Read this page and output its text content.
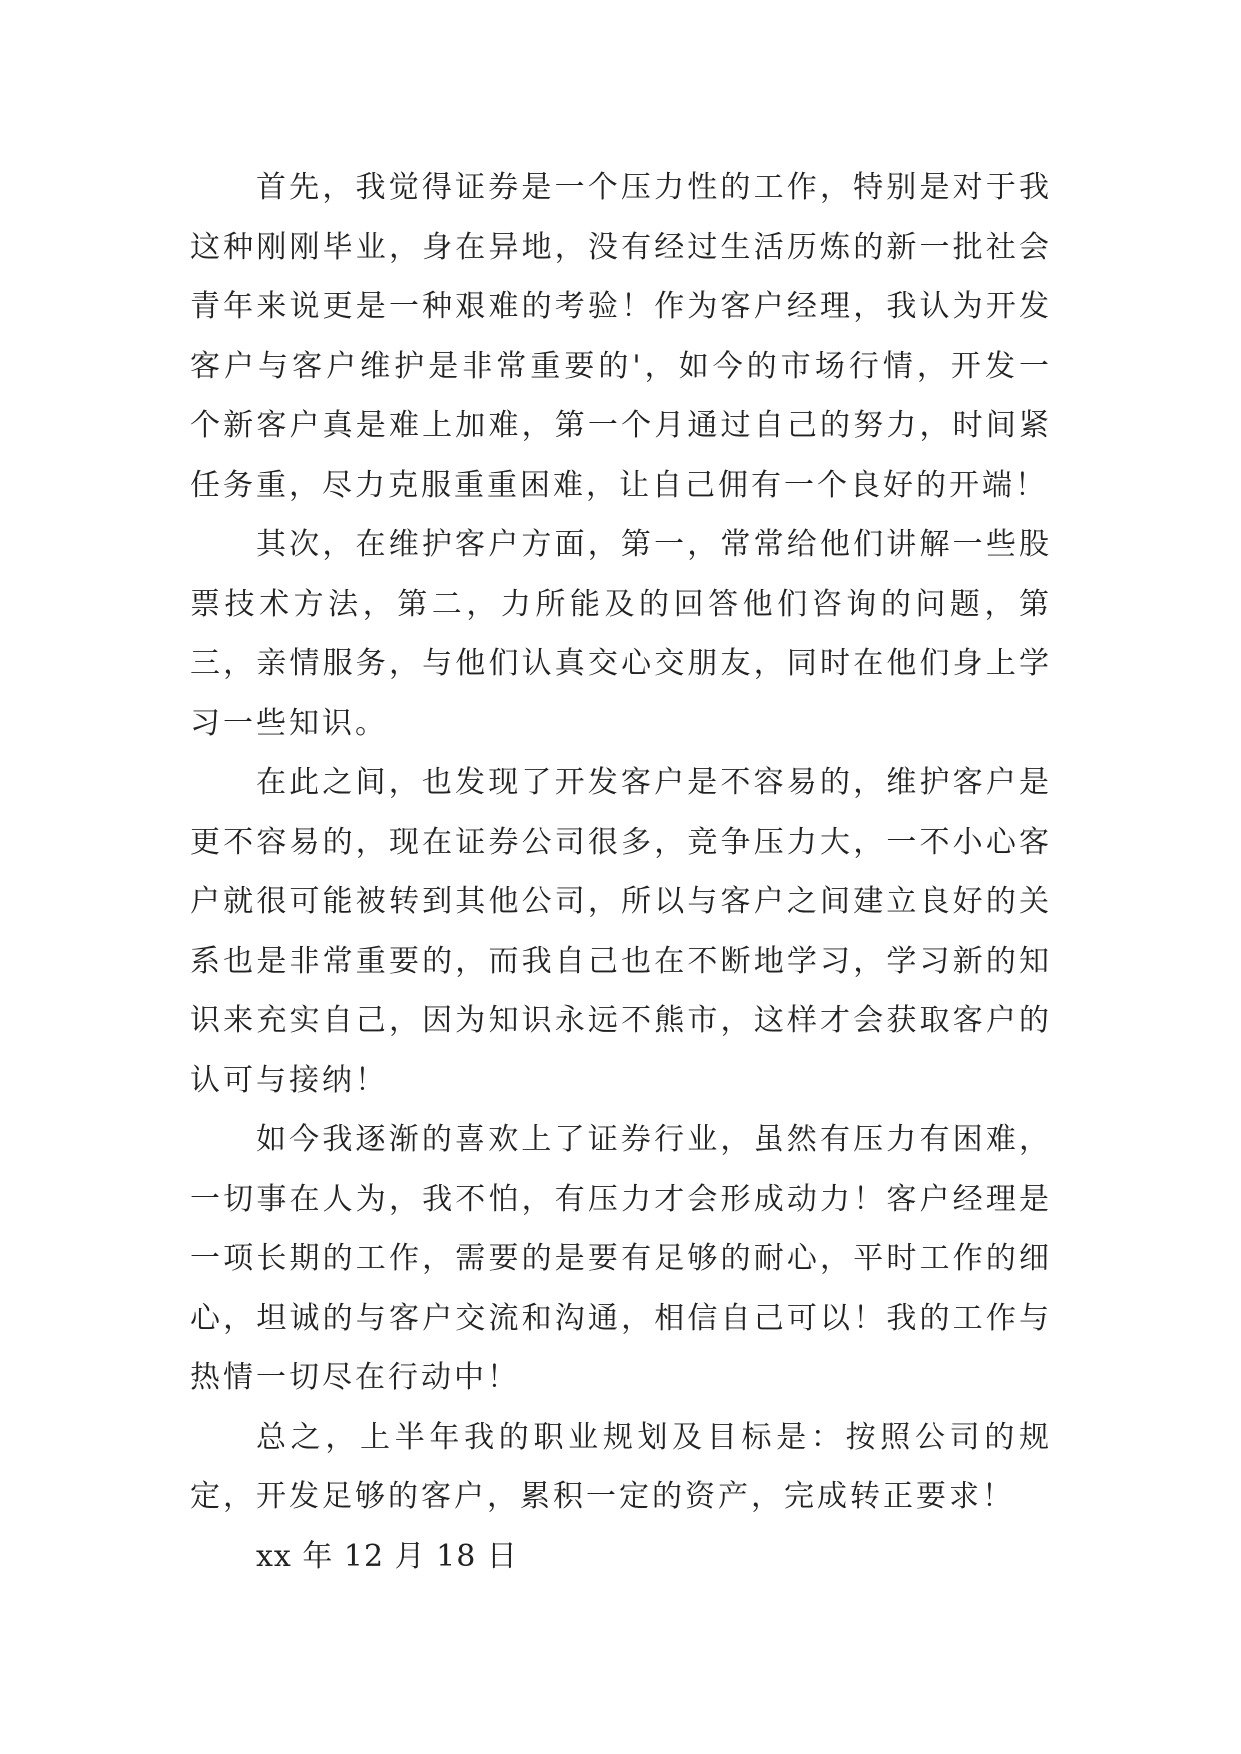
首先，我觉得证券是一个压力性的工作，特别是对于我这种刚刚毕业，身在异地，没有经过生活历炼的新一批社会青年来说更是一种艰难的考验！作为客户经理，我认为开发客户与客户维护是非常重要的'，如今的市场行情，开发一个新客户真是难上加难，第一个月通过自己的努力，时间紧任务重，尽力克服重重困难，让自己佣有一个良好的开端！

其次，在维护客户方面，第一，常常给他们讲解一些股票技术方法，第二，力所能及的回答他们咨询的问题，第三，亲情服务，与他们认真交心交朋友，同时在他们身上学习一些知识。

在此之间，也发现了开发客户是不容易的，维护客户是更不容易的，现在证券公司很多，竞争压力大，一不小心客户就很可能被转到其他公司，所以与客户之间建立良好的关系也是非常重要的，而我自己也在不断地学习，学习新的知识来充实自己，因为知识永远不熊市，这样才会获取客户的认可与接纳！

如今我逐渐的喜欢上了证券行业，虽然有压力有困难，一切事在人为，我不怕，有压力才会形成动力！客户经理是一项长期的工作，需要的是要有足够的耐心，平时工作的细心，坦诚的与客户交流和沟通，相信自己可以！我的工作与热情一切尽在行动中！

总之，上半年我的职业规划及目标是：按照公司的规定，开发足够的客户，累积一定的资产，完成转正要求！

xx 年 12 月 18 日
